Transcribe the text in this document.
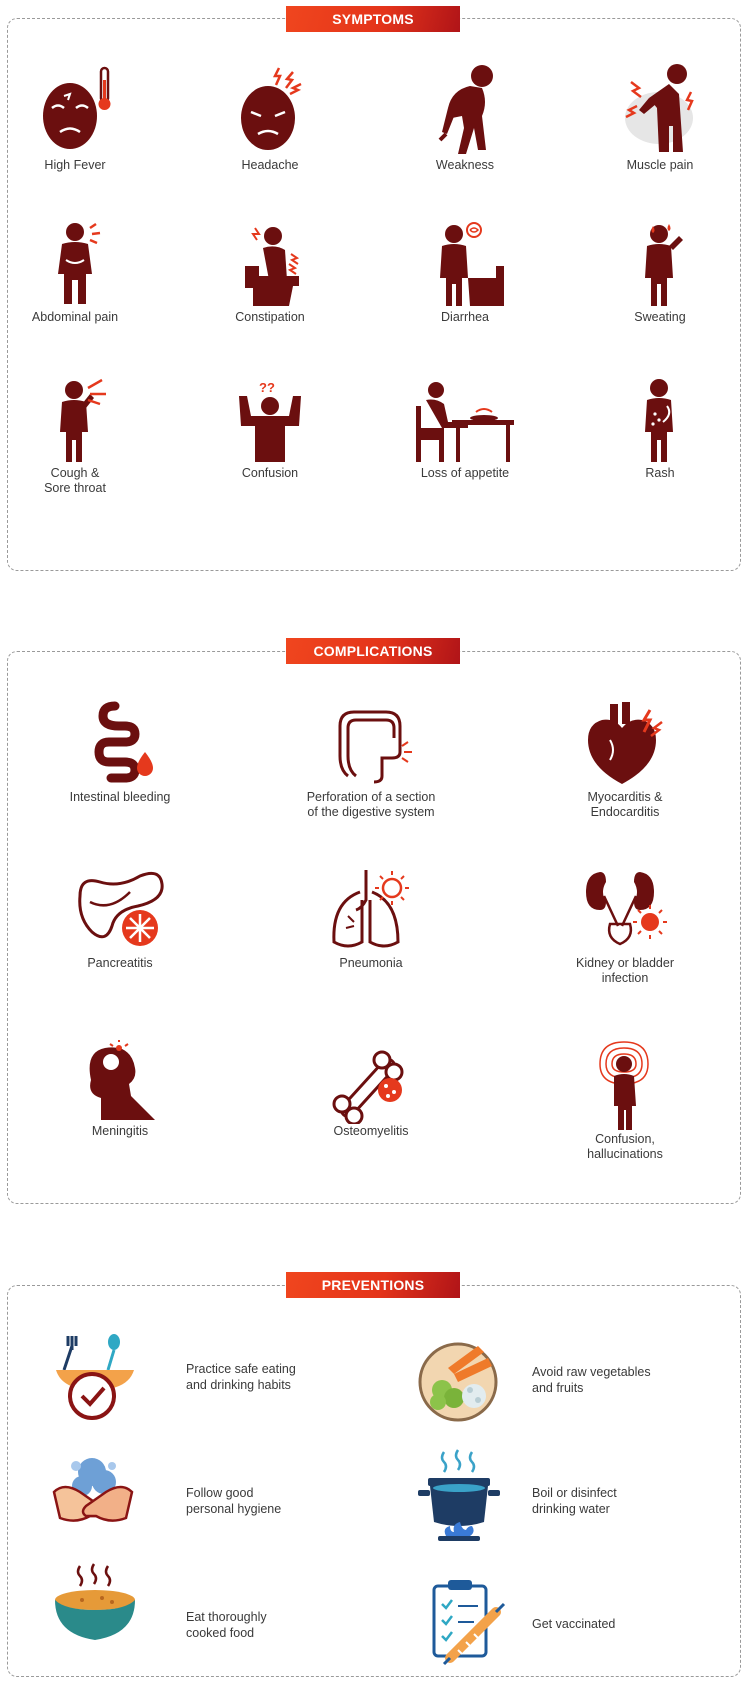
SYMPTOMS
High Fever	Headache	Weakness	Muscle pain
Abdominal pain	Constipation	Diarrhea	Sweating
Cough &
Sore throat
??
Confusion	Loss of appetite	Rash
COMPLICATIONS
Intestinal bleeding	Perforation of a section
of the digestive system
Myocarditis &
Endocarditis
Pancreatitis	Pneumonia	Kidney or bladder
infection
Meningitis	Osteomyelitis
Confusion,
hallucinations
PREVENTIONS
Practice safe eating
and drinking habits
Avoid raw vegetables
and fruits
Follow good
personal hygiene
Boil or disinfect
drinking water
Eat thoroughly
cooked food
Get vaccinated
